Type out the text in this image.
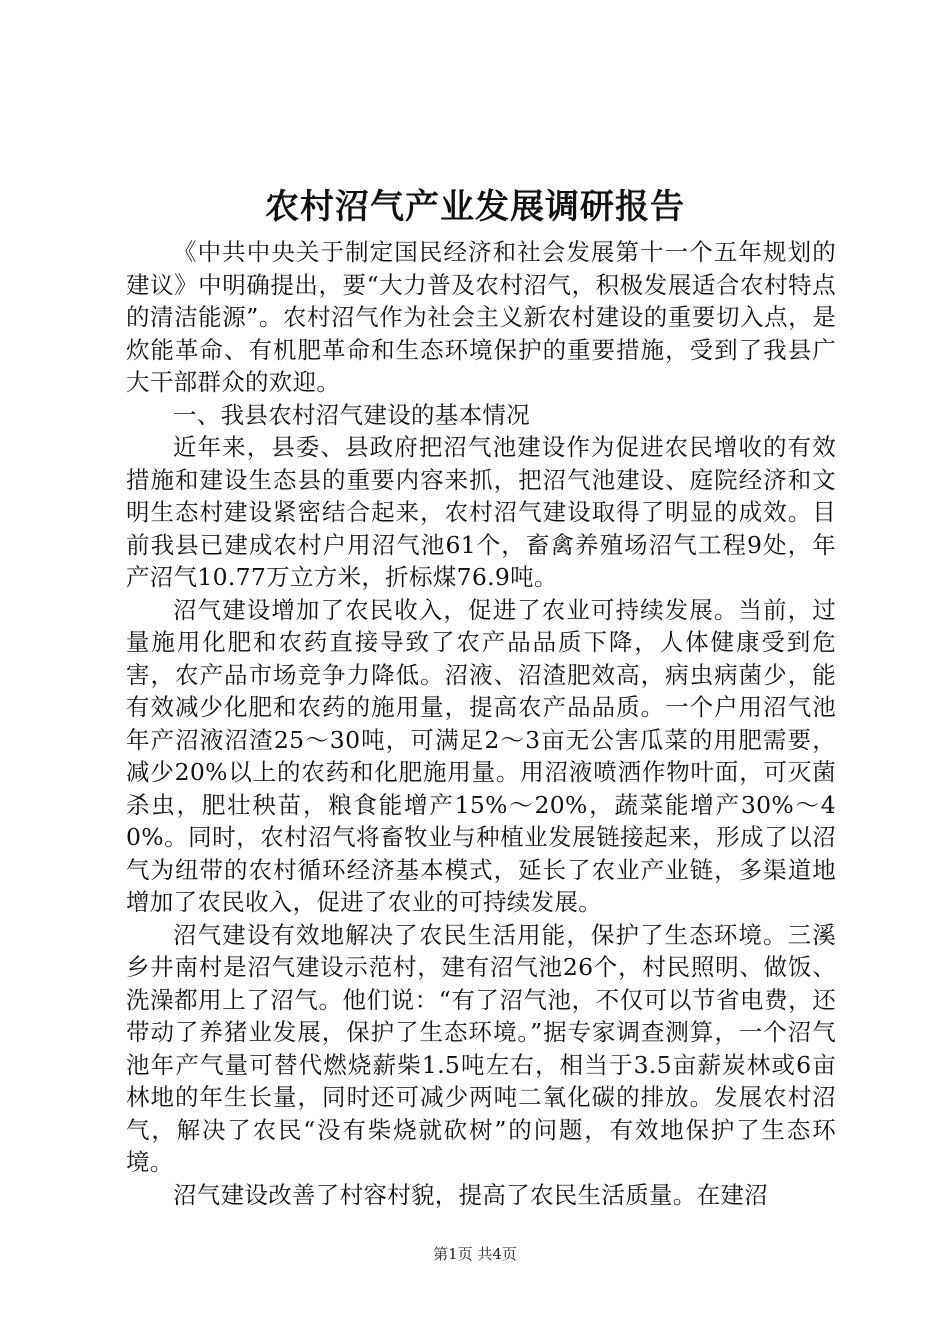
农村沼气产业发展调研报告

《中共中央关于制定国民经济和社会发展第十一个五年规划的建议》中明确提出，要“大力普及农村沼气，积极发展适合农村特点的清洁能源”。农村沼气作为社会主义新农村建设的重要切入点，是炊能革命、有机肥革命和生态环境保护的重要措施，受到了我县广大干部群众的欢迎。

一、我县农村沼气建设的基本情况

近年来，县委、县政府把沼气池建设作为促进农民增收的有效措施和建设生态县的重要内容来抓，把沼气池建设、庭院经济和文明生态村建设紧密结合起来，农村沼气建设取得了明显的成效。目前我县已建成农村户用沼气池61个，畜禽养殖场沼气工程9处，年产沼气10.77万立方米，折标煤76.9吨。

沼气建设增加了农民收入，促进了农业可持续发展。当前，过量施用化肥和农药直接导致了农产品品质下降，人体健康受到危害，农产品市场竞争力降低。沼液、沼渣肥效高，病虫病菌少，能有效减少化肥和农药的施用量，提高农产品品质。一个户用沼气池年产沼液沼渣25～30吨，可满足2～3亩无公害瓜菜的用肥需要，减少20%以上的农药和化肥施用量。用沼液喷洒作物叶面，可灭菌杀虫，肥壮秧苗，粮食能增产15%～20%，蔬菜能增产30%～40%。同时，农村沼气将畜牧业与种植业发展链接起来，形成了以沼气为纽带的农村循环经济基本模式，延长了农业产业链，多渠道地增加了农民收入，促进了农业的可持续发展。

沼气建设有效地解决了农民生活用能，保护了生态环境。三溪乡井南村是沼气建设示范村，建有沼气池26个，村民照明、做饭、洗澡都用上了沼气。他们说：“有了沼气池，不仅可以节省电费，还带动了养猪业发展，保护了生态环境。”据专家调查测算，一个沼气池年产气量可替代燃烧薪柴1.5吨左右，相当于3.5亩薪炭林或6亩林地的年生长量，同时还可减少两吨二氧化碳的排放。发展农村沼气，解决了农民“没有柴烧就砍树”的问题，有效地保护了生态环境。

沼气建设改善了村容村貌，提高了农民生活质量。在建沼

第1页 共4页
